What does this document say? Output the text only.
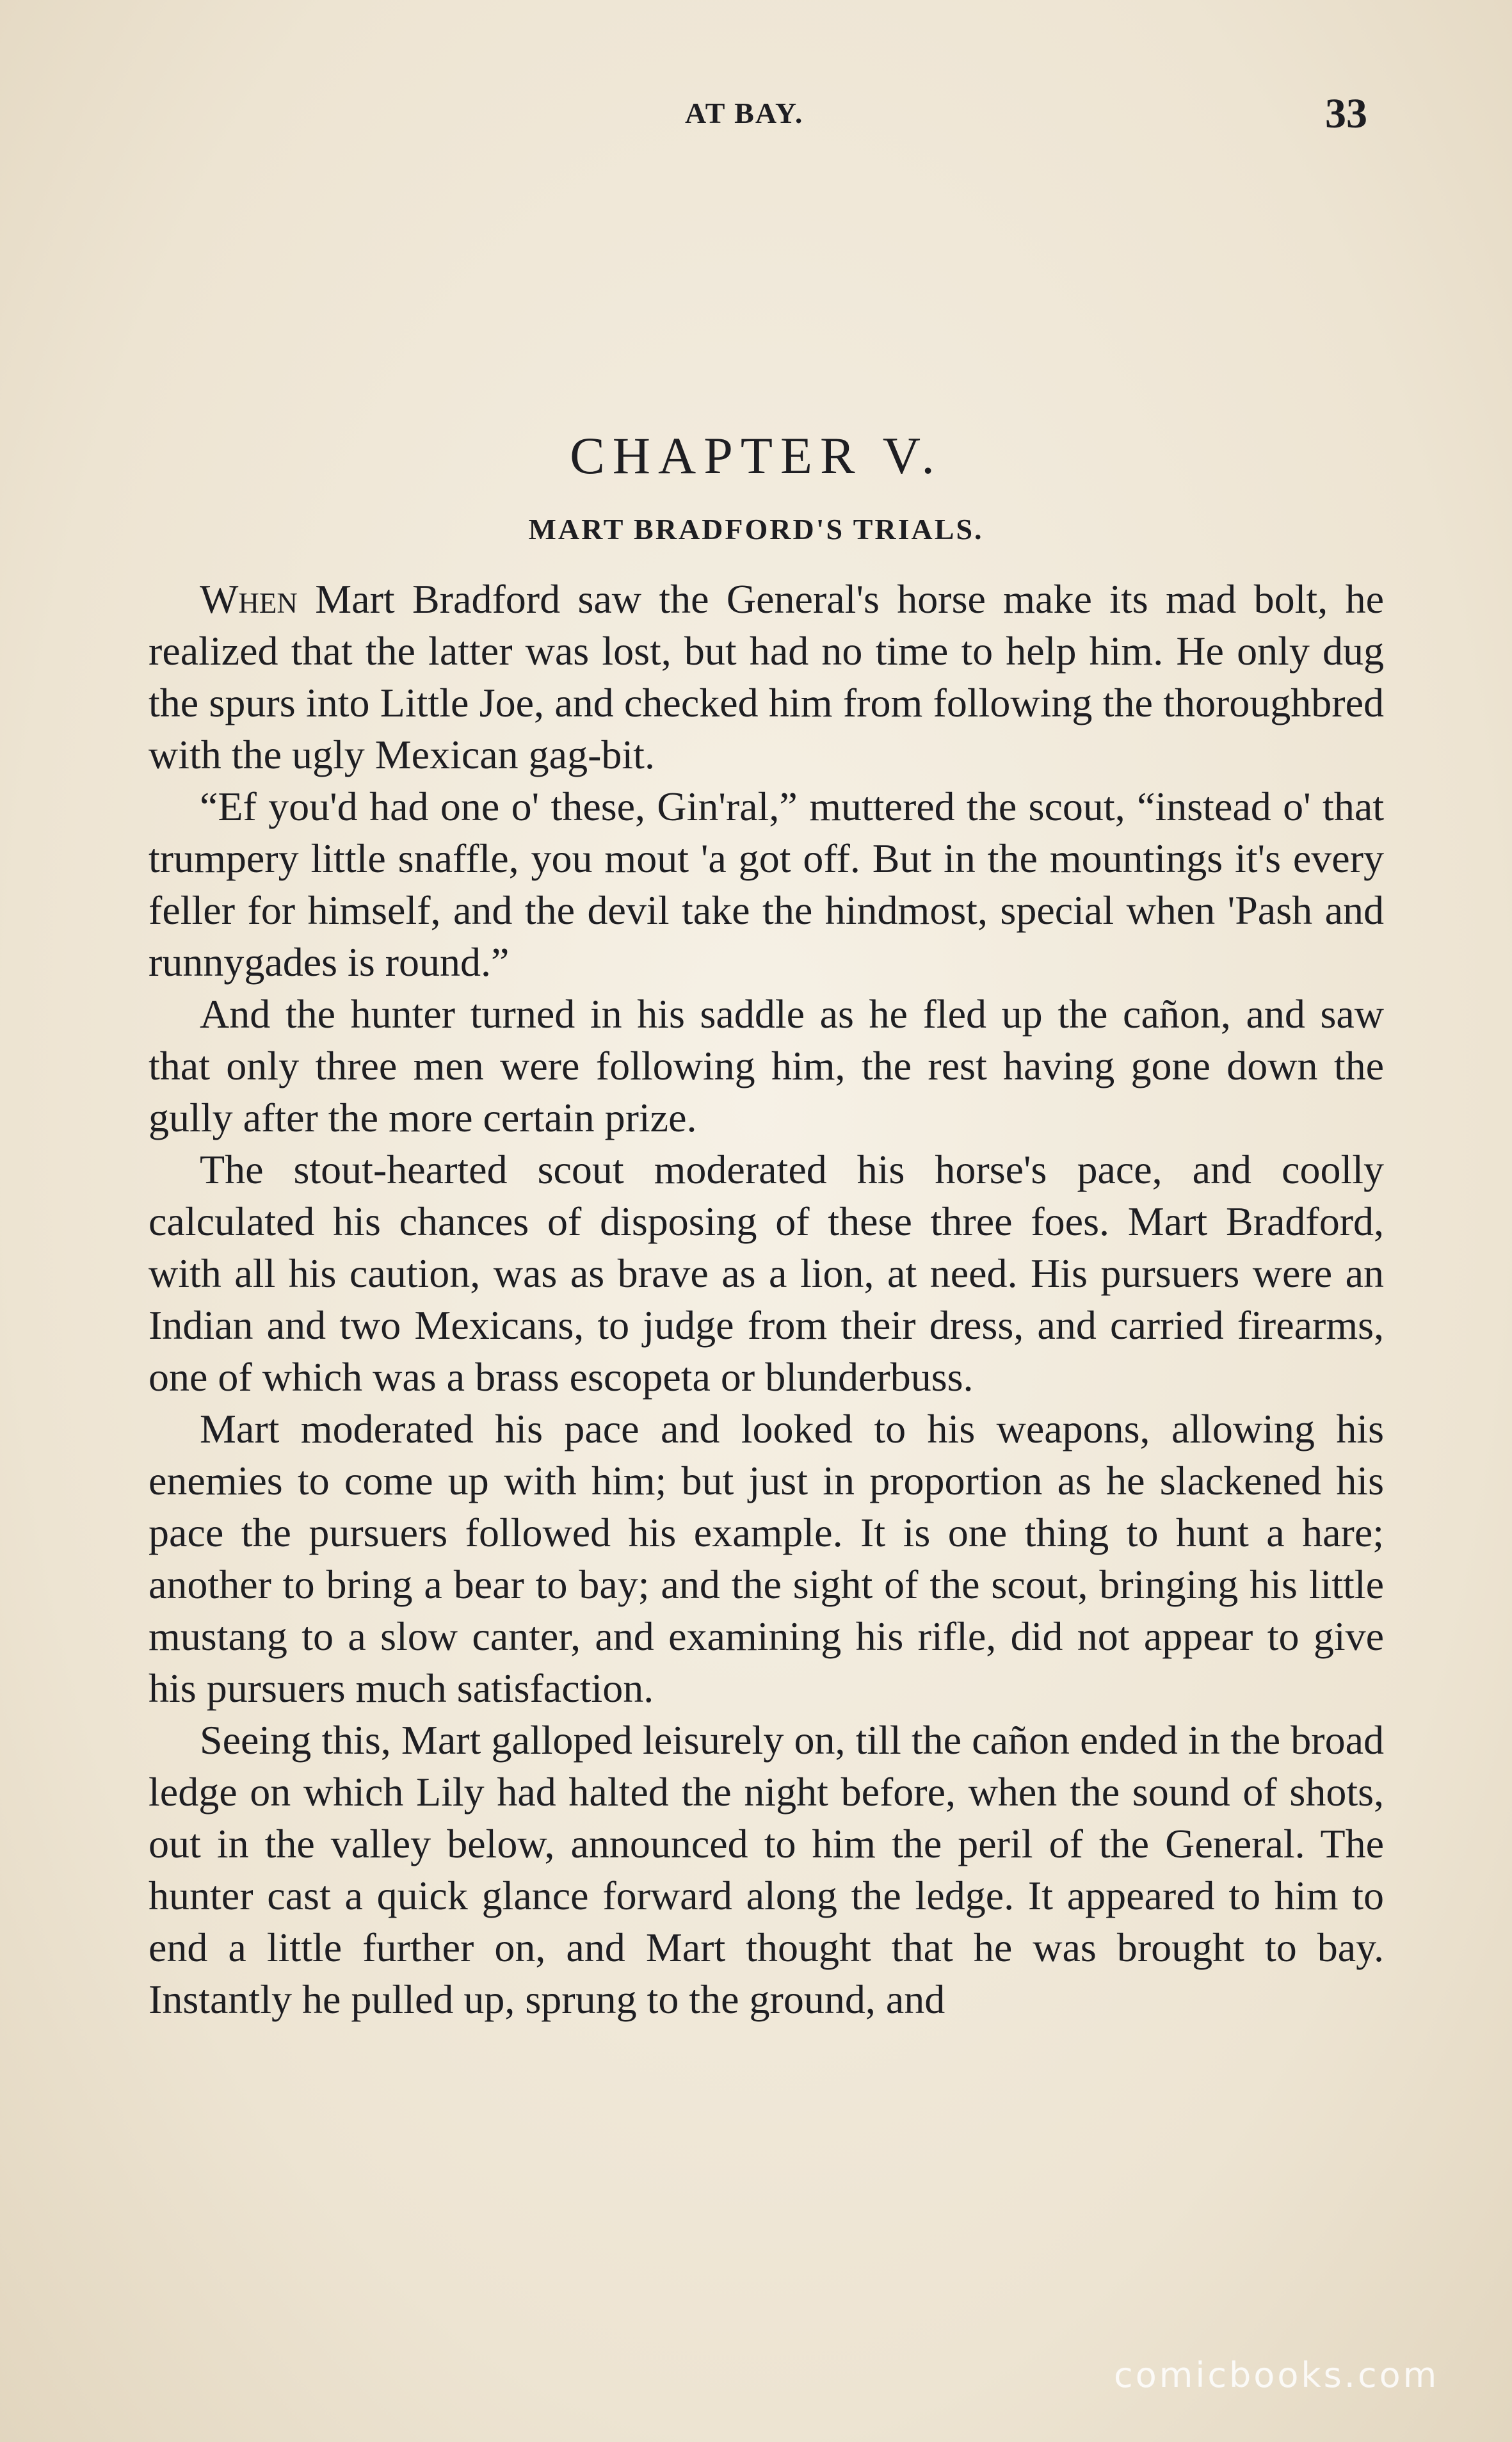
AT BAY.	33
CHAPTER V.
MART BRADFORD'S TRIALS.

When Mart Bradford saw the General's horse make its mad bolt, he realized that the latter was lost, but had no time to help him. He only dug the spurs into Little Joe, and checked him from following the thoroughbred with the ugly Mexican gag-bit.

“Ef you'd had one o' these, Gin'ral,” muttered the scout, “instead o' that trumpery little snaffle, you mout 'a got off. But in the mountings it's every feller for himself, and the devil take the hindmost, special when 'Pash and runnygades is round.”

And the hunter turned in his saddle as he fled up the cañon, and saw that only three men were following him, the rest having gone down the gully after the more certain prize.

The stout-hearted scout moderated his horse's pace, and coolly calculated his chances of disposing of these three foes. Mart Bradford, with all his caution, was as brave as a lion, at need. His pursuers were an Indian and two Mexicans, to judge from their dress, and carried firearms, one of which was a brass escopeta or blunderbuss.

Mart moderated his pace and looked to his weapons, allowing his enemies to come up with him; but just in proportion as he slackened his pace the pursuers followed his example. It is one thing to hunt a hare; another to bring a bear to bay; and the sight of the scout, bringing his little mustang to a slow canter, and examining his rifle, did not appear to give his pursuers much satisfaction.

Seeing this, Mart galloped leisurely on, till the cañon ended in the broad ledge on which Lily had halted the night before, when the sound of shots, out in the valley below, announced to him the peril of the General. The hunter cast a quick glance forward along the ledge. It appeared to him to end a little further on, and Mart thought that he was brought to bay. Instantly he pulled up, sprung to the ground, and

comicbooks.com
